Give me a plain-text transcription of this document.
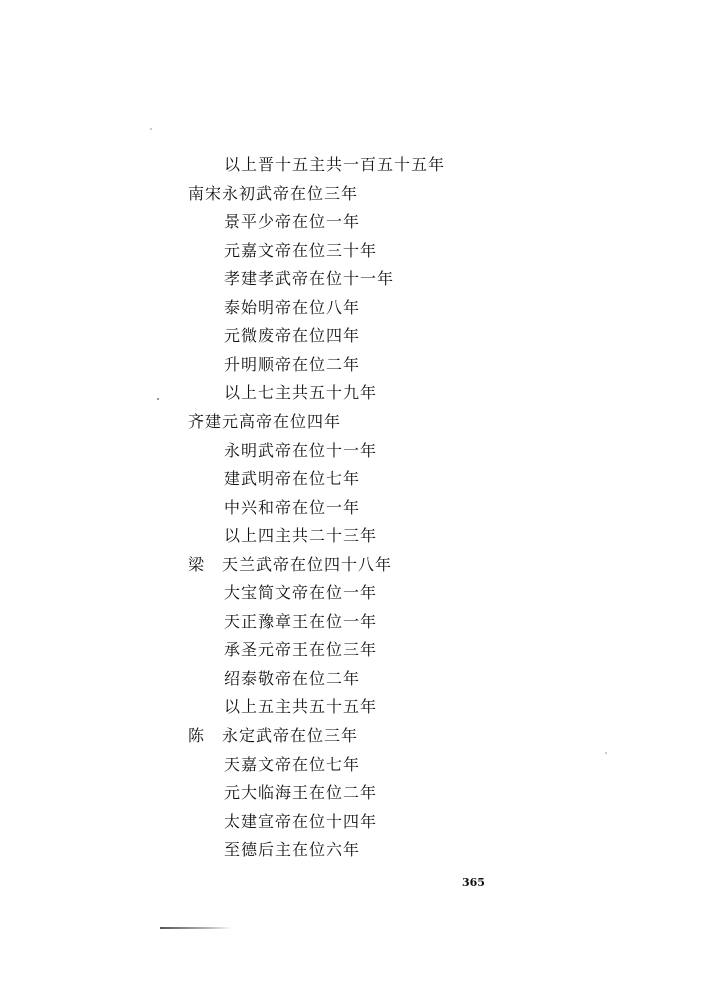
以上晋十五主共一百五十五年
南宋永初武帝在位三年
景平少帝在位一年
元嘉文帝在位三十年
孝建孝武帝在位十一年
泰始明帝在位八年
元微废帝在位四年
升明顺帝在位二年
以上七主共五十九年
齐建元高帝在位四年
永明武帝在位十一年
建武明帝在位七年
中兴和帝在位一年
以上四主共二十三年
梁 天兰武帝在位四十八年
大宝简文帝在位一年
天正豫章王在位一年
承圣元帝王在位三年
绍泰敬帝在位二年
以上五主共五十五年
陈 永定武帝在位三年
天嘉文帝在位七年
元大临海王在位二年
太建宣帝在位十四年
至德后主在位六年
365
